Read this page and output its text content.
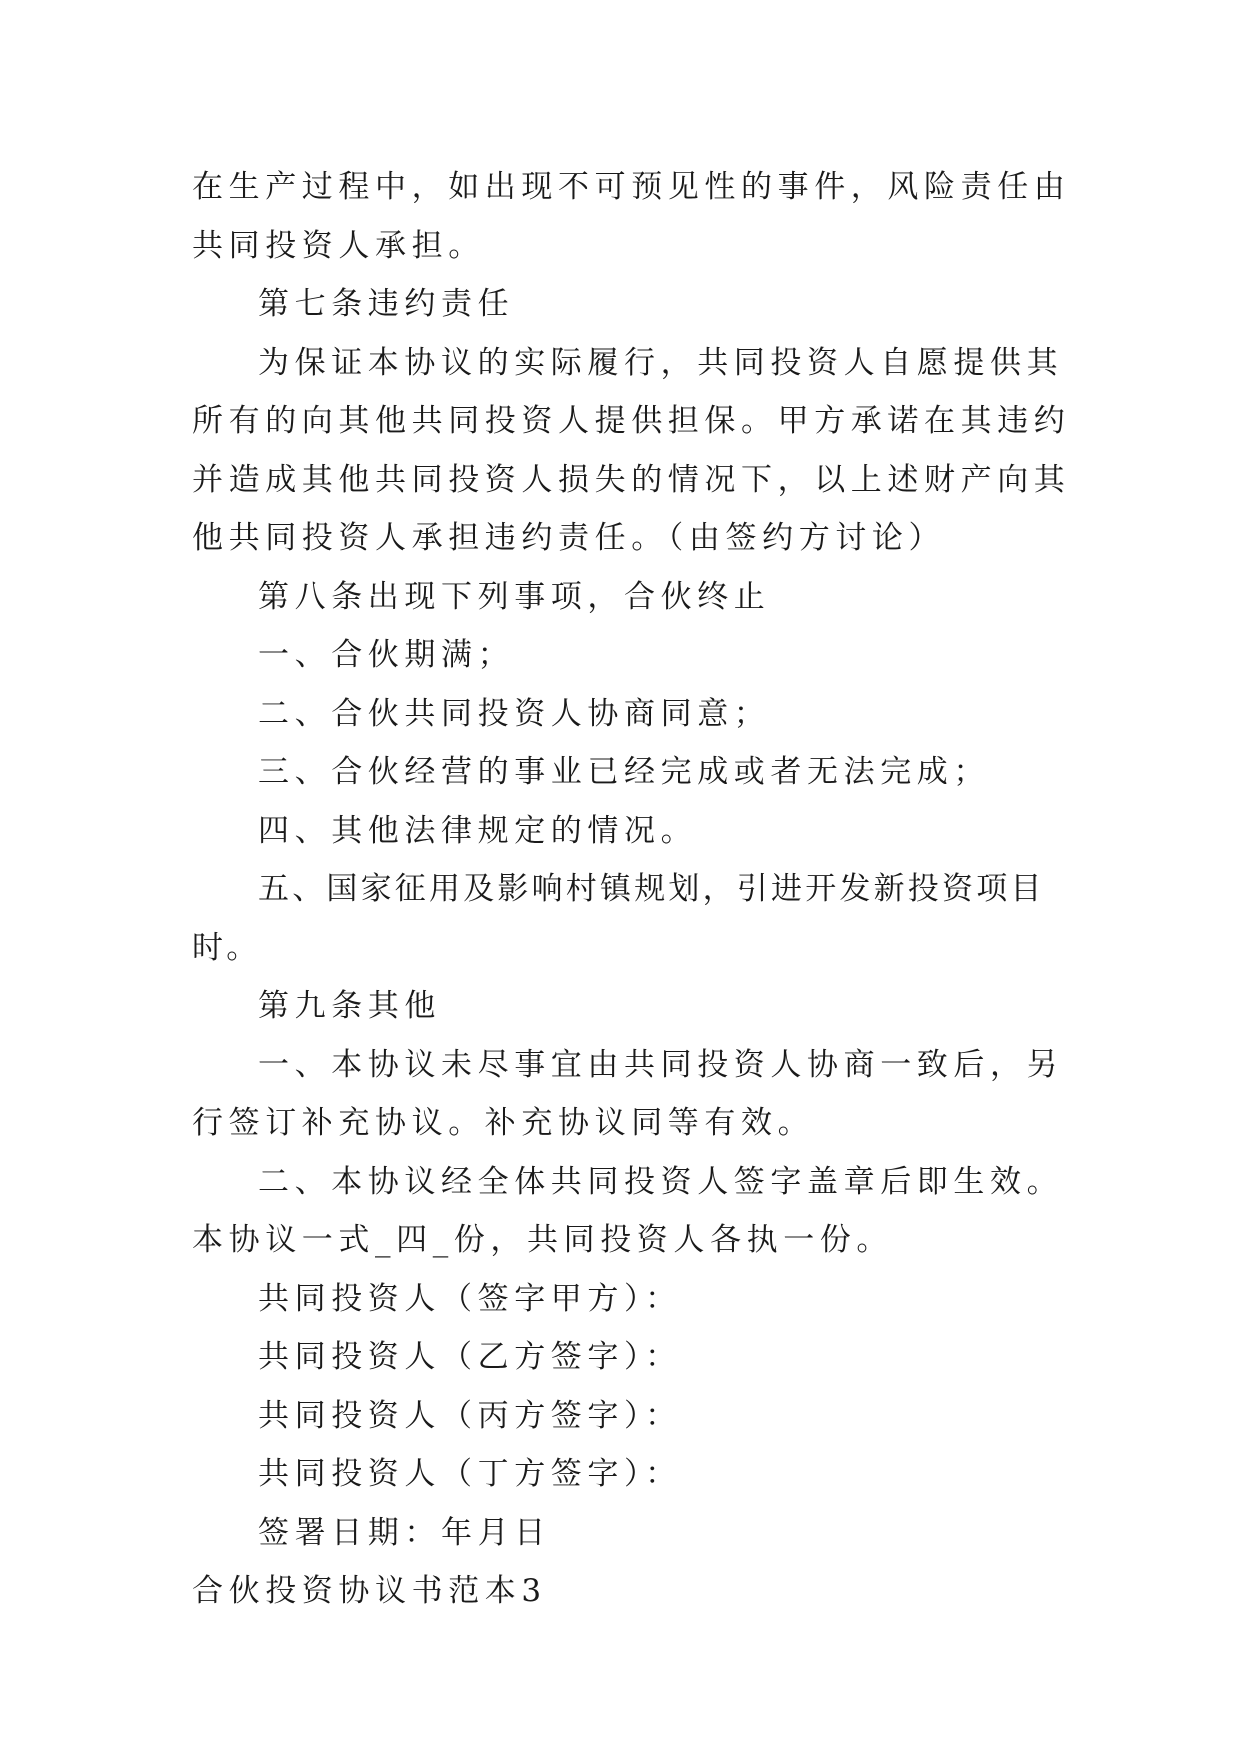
在生产过程中，如出现不可预见性的事件，风险责任由共同投资人承担。

第七条违约责任

为保证本协议的实际履行，共同投资人自愿提供其所有的向其他共同投资人提供担保。甲方承诺在其违约并造成其他共同投资人损失的情况下，以上述财产向其他共同投资人承担违约责任。（由签约方讨论）

第八条出现下列事项，合伙终止

一、合伙期满；

二、合伙共同投资人协商同意；

三、合伙经营的事业已经完成或者无法完成；

四、其他法律规定的情况。

五、国家征用及影响村镇规划，引进开发新投资项目时。

第九条其他

一、本协议未尽事宜由共同投资人协商一致后，另行签订补充协议。补充协议同等有效。

二、本协议经全体共同投资人签字盖章后即生效。本协议一式_四_份，共同投资人各执一份。

共同投资人（签字甲方）：

共同投资人（乙方签字）：

共同投资人（丙方签字）：

共同投资人（丁方签字）：

签署日期：年月日

合伙投资协议书范本3
